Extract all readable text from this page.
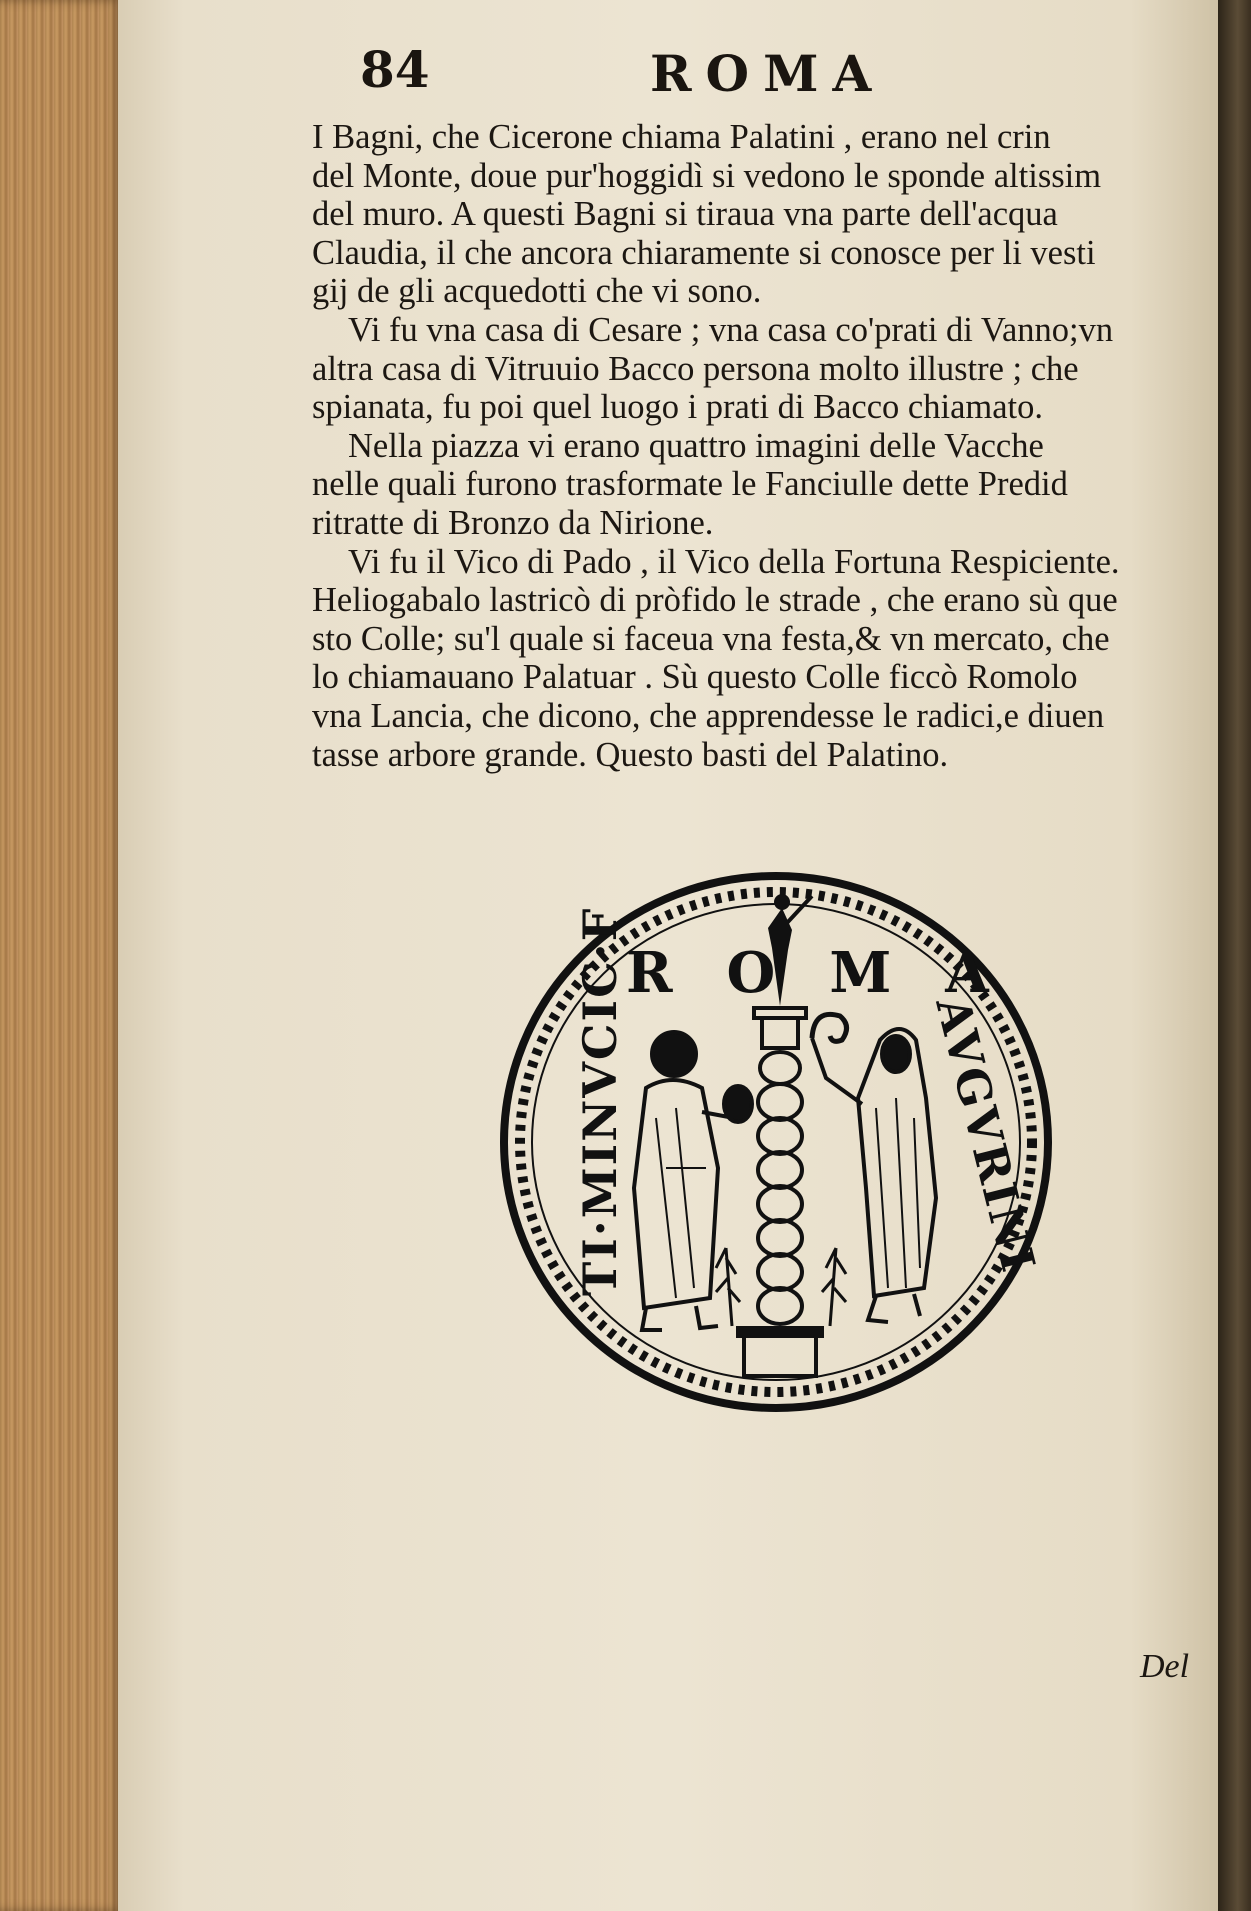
84	ROMA
I Bagni, che Cicerone chiama Palatini , erano nel crin
del Monte, doue pur'hoggidì si vedono le sponde altissim
del muro. A questi Bagni si tiraua vna parte dell'acqua
Claudia, il che ancora chiaramente si conosce per li vesti
gij de gli acquedotti che vi sono.
Vi fu vna casa di Cesare ; vna casa co'prati di Vanno;vn
altra casa di Vitruuio Bacco persona molto illustre ; che
spianata, fu poi quel luogo i prati di Bacco chiamato.
Nella piazza vi erano quattro imagini delle Vacche
nelle quali furono trasformate le Fanciulle dette Predid
ritratte di Bronzo da Nirione.
Vi fu il Vico di Pado , il Vico della Fortuna Respiciente.
Heliogabalo lastricò di pròfido le strade , che erano sù que
sto Colle; su'l quale si faceua vna festa,& vn mercato, che
lo chiamauano Palatuar . Sù questo Colle ficcò Romolo
vna Lancia, che dicono, che apprendesse le radici,e diuen
tasse arbore grande. Questo basti del Palatino.
ROMA
TI·MINVCIC·F	AVGVRINI

Del
